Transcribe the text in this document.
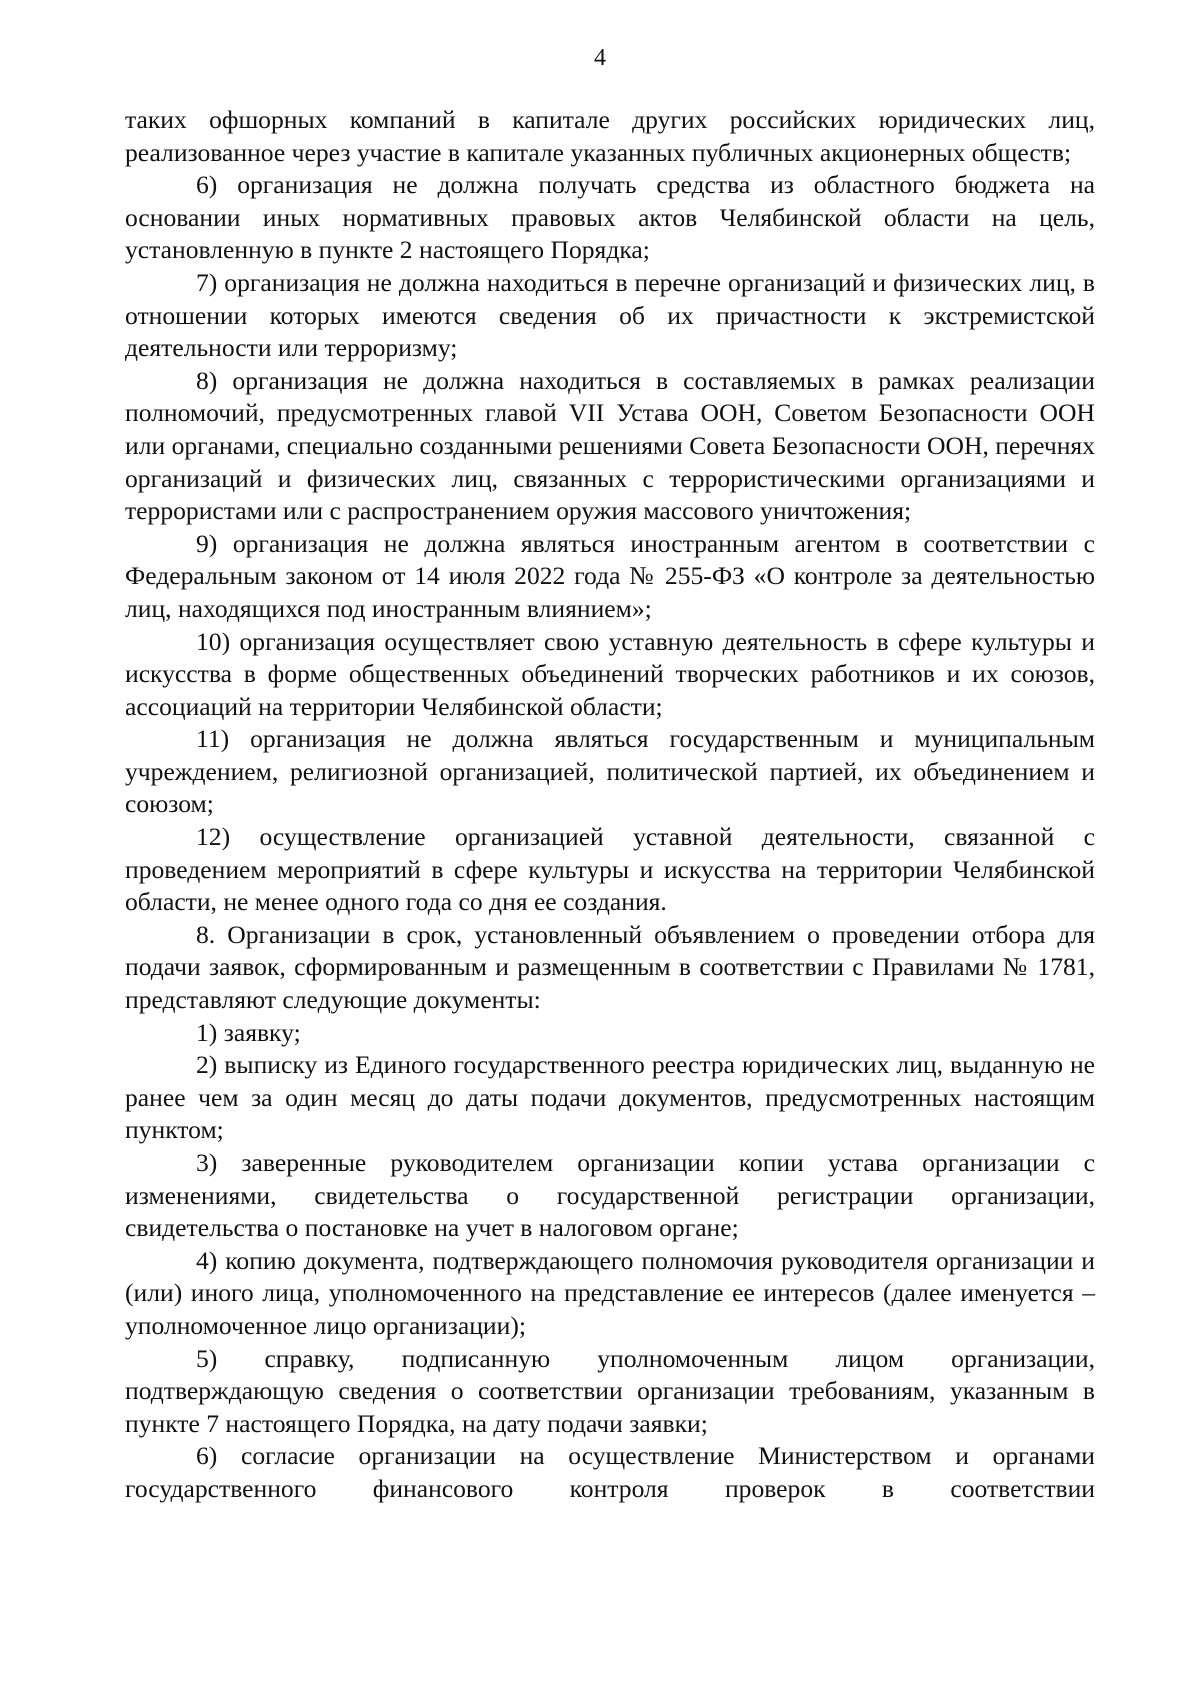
4

таких офшорных компаний в капитале других российских юридических лиц, реализованное через участие в капитале указанных публичных акционерных обществ;

6) организация не должна получать средства из областного бюджета на основании иных нормативных правовых актов Челябинской области на цель, установленную в пункте 2 настоящего Порядка;

7) организация не должна находиться в перечне организаций и физических лиц, в отношении которых имеются сведения об их причастности к экстремистской деятельности или терроризму;

8) организация не должна находиться в составляемых в рамках реализации полномочий, предусмотренных главой VII Устава ООН, Советом Безопасности ООН или органами, специально созданными решениями Совета Безопасности ООН, перечнях организаций и физических лиц, связанных с террористическими организациями и террористами или с распространением оружия массового уничтожения;

9) организация не должна являться иностранным агентом в соответствии с Федеральным законом от 14 июля 2022 года № 255-ФЗ «О контроле за деятельностью лиц, находящихся под иностранным влиянием»;

10) организация осуществляет свою уставную деятельность в сфере культуры и искусства в форме общественных объединений творческих работников и их союзов, ассоциаций на территории Челябинской области;

11) организация не должна являться государственным и муниципальным учреждением, религиозной организацией, политической партией, их объединением и союзом;

12) осуществление организацией уставной деятельности, связанной с проведением мероприятий в сфере культуры и искусства на территории Челябинской области, не менее одного года со дня ее создания.

8. Организации в срок, установленный объявлением о проведении отбора для подачи заявок, сформированным и размещенным в соответствии с Правилами № 1781, представляют следующие документы:

1) заявку;

2) выписку из Единого государственного реестра юридических лиц, выданную не ранее чем за один месяц до даты подачи документов, предусмотренных настоящим пунктом;

3) заверенные руководителем организации копии устава организации с изменениями, свидетельства о государственной регистрации организации, свидетельства о постановке на учет в налоговом органе;

4) копию документа, подтверждающего полномочия руководителя организации и (или) иного лица, уполномоченного на представление ее интересов (далее именуется – уполномоченное лицо организации);

5) справку, подписанную уполномоченным лицом организации, подтверждающую сведения о соответствии организации требованиям, указанным в пункте 7 настоящего Порядка, на дату подачи заявки;

6) согласие организации на осуществление Министерством и органами государственного финансового контроля проверок в соответствии
